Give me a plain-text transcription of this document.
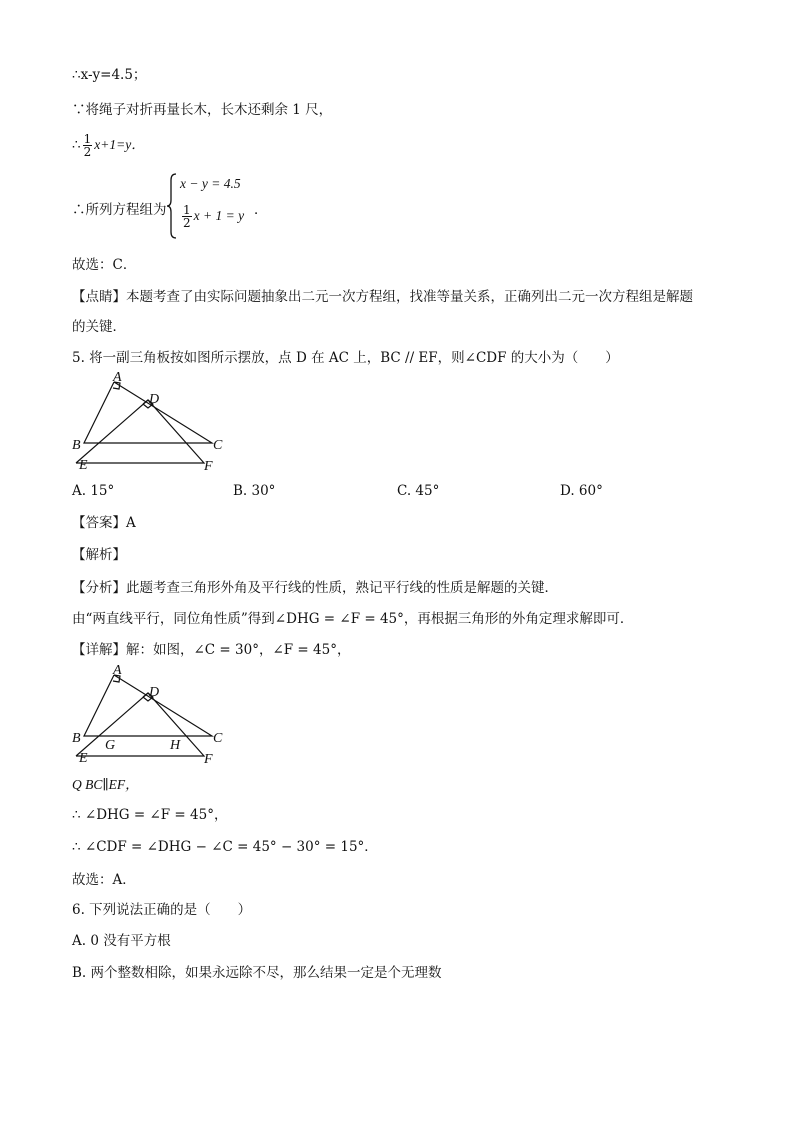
∴x-y=4.5；
∵将绳子对折再量长木，长木还剩余 1 尺，
∴ $\frac{1}{2} x+1=y$．
∴所列方程组为
x − y = 4.5
$\frac{1}{2}$ x + 1 = y ．
故选：C．
【点睛】本题考查了由实际问题抽象出二元一次方程组，找准等量关系，正确列出二元一次方程组是解题
的关键．
5. 将一副三角板按如图所示摆放，点 D 在 AC 上，BC // EF，则∠CDF 的大小为（　　）
A
D
B	C
E	F
A. 15°	B. 30°	C. 45°	D. 60°
【答案】A
【解析】
【分析】此题考查三角形外角及平行线的性质，熟记平行线的性质是解题的关键．
由“两直线平行，同位角性质”得到∠DHG = ∠F = 45°，再根据三角形的外角定理求解即可．
【详解】解：如图，∠C = 30°，∠F = 45°，
A
D
B	C
E	F
G	H
Q BC∥EF，
∴ ∠DHG = ∠F = 45°，
∴ ∠CDF = ∠DHG − ∠C = 45° − 30° = 15°．
故选：A．
6. 下列说法正确的是（　　）
A. 0 没有平方根
B. 两个整数相除，如果永远除不尽，那么结果一定是个无理数
